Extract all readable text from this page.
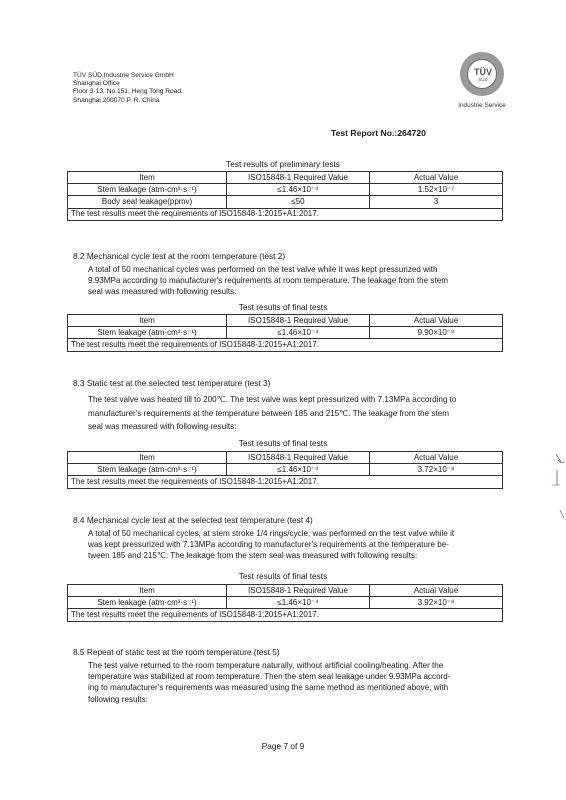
TÜV SÜD Industrie Service GmbH
Shanghai Office
Floor 3-13, No.151, Heng Tong Road,
Shanghai 200070 P. R. China
TÜV
SÜD
Industrie Service
Test Report No.:264720
Test results of preliminary tests
Item	ISO15848-1 Required Value	Actual Value
Stem leakage (atm·cm³·s⁻¹)	≤1.46×10⁻⁴	1.52×10⁻⁷
Body seal leakage(ppmv)	≤50	3
The test results meet the requirements of ISO15848-1:2015+A1:2017.		
8.2 Mechanical cycle test at the room temperature (test 2)
A total of 50 mechanical cycles was performed on the test valve while it was kept pressurized with
9.93MPa according to manufacturer's requirements at room temperature. The leakage from the stem
seal was measured with following results:
Test results of final tests
Item	ISO15848-1 Required Value	Actual Value
Stem leakage (atm·cm³·s⁻¹)	≤1.46×10⁻⁴	9.90×10⁻⁸
The test results meet the requirements of ISO15848-1:2015+A1:2017.		
8.3 Static test at the selected test temperature (test 3)
The test valve was heated till to 200℃. The test valve was kept pressurized with 7.13MPa according to
manufacturer's requirements at the temperature between 185 and 215℃. The leakage from the stem
seal was measured with following results:
Test results of final tests
Item	ISO15848-1 Required Value	Actual Value
Stem leakage (atm·cm³·s⁻¹)	≤1.46×10⁻⁴	3.72×10⁻⁸
The test results meet the requirements of ISO15848-1:2015+A1:2017.		
8.4 Mechanical cycle test at the selected test temperature (test 4)
A total of 50 mechanical cycles, at stem stroke 1/4 rings/cycle, was performed on the test valve while it
was kept pressurized with 7.13MPa according to manufacturer's requirements at the temperature be-
tween 185 and 215℃. The leakage from the stem seal was measured with following results:
Test results of final tests
Item	ISO15848-1 Required Value	Actual Value
Stem leakage (atm·cm³·s⁻¹)	≤1.46×10⁻⁴	3.92×10⁻⁸
The test results meet the requirements of ISO15848-1:2015+A1:2017.		
8.5 Repeat of static test at the room temperature (test 5)
The test valve returned to the room temperature naturally, without artificial cooling/heating. After the
temperature was stabilized at room temperature. Then the stem seal leakage under 9.93MPa accord-
ing to manufacturer's requirements was measured using the same method as mentioned above, with
following results:
Page 7 of 9
